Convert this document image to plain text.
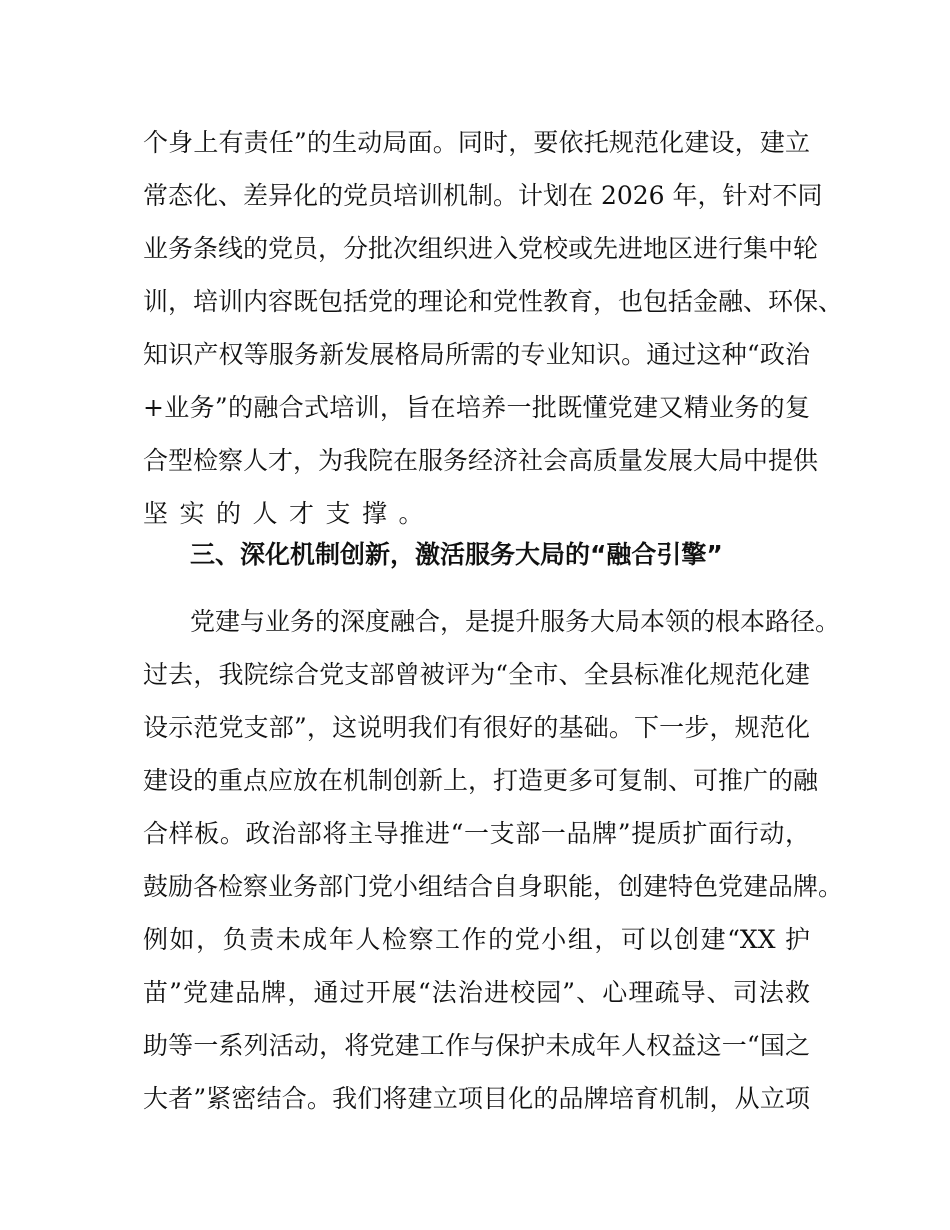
个身上有责任”的生动局面。同时，要依托规范化建设，建立
常态化、差异化的党员培训机制。计划在 2026 年，针对不同
业务条线的党员，分批次组织进入党校或先进地区进行集中轮
训，培训内容既包括党的理论和党性教育，也包括金融、环保、
知识产权等服务新发展格局所需的专业知识。通过这种“政治
+业务”的融合式培训，旨在培养一批既懂党建又精业务的复
合型检察人才，为我院在服务经济社会高质量发展大局中提供
坚实的人才支撑。
三、深化机制创新，激活服务大局的“融合引擎”
党建与业务的深度融合，是提升服务大局本领的根本路径。
过去，我院综合党支部曾被评为“全市、全县标准化规范化建
设示范党支部”，这说明我们有很好的基础。下一步，规范化
建设的重点应放在机制创新上，打造更多可复制、可推广的融
合样板。政治部将主导推进“一支部一品牌”提质扩面行动，
鼓励各检察业务部门党小组结合自身职能，创建特色党建品牌。
例如，负责未成年人检察工作的党小组，可以创建“XX 护
苗”党建品牌，通过开展“法治进校园”、心理疏导、司法救
助等一系列活动，将党建工作与保护未成年人权益这一“国之
大者”紧密结合。我们将建立项目化的品牌培育机制，从立项
